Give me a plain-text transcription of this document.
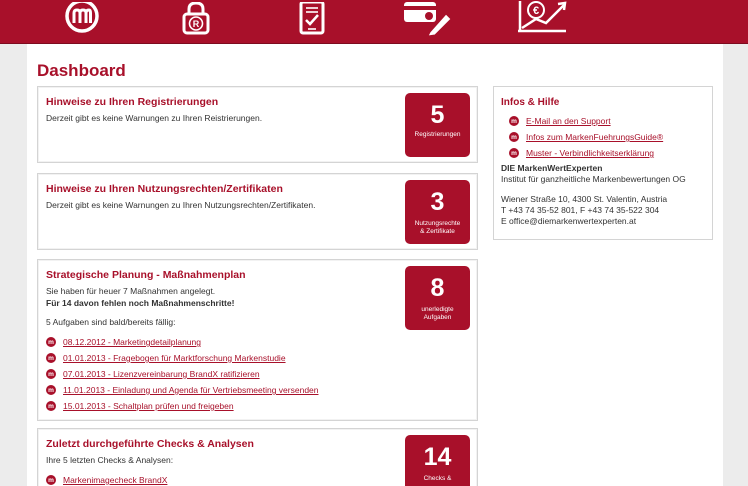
R
€
Dashboard
Hinweise zu Ihren Registrierungen

Derzeit gibt es keine Warnungen zu Ihren Reistrierungen.	5
Registrierungen
Hinweise zu Ihren Nutzungsrechten/Zertifikaten

Derzeit gibt es keine Warnungen zu Ihren Nutzungsrechten/Zertifikaten.	3
Nutzungsrechte
& Zertifikate
Strategische Planung - Maßnahmenplan

Sie haben für heuer 7 Maßnahmen angelegt.

Für 14 davon fehlen noch Maßnahmenschritte!

5 Aufgaben sind bald/bereits fällig:

m 08.12.2012 - Marketingdetailplanung
m 01.01.2013 - Fragebogen für Marktforschung Markenstudie
m 07.01.2013 - Lizenzvereinbarung BrandX ratifizieren
m 11.01.2013 - Einladung und Agenda für Vertriebsmeeting versenden
m 15.01.2013 - Schaltplan prüfen und freigeben
8
unerledigte
Aufgaben
Zuletzt durchgeführte Checks & Analysen

Ihre 5 letzten Checks & Analysen:

m Markenimagecheck BrandX
14
Checks &
Infos & Hilfe
m E-Mail an den Support
m Infos zum MarkenFuehrungsGuide®
m Muster - Verbindlichkeitserklärung
DIE MarkenWertExperten
Institut für ganzheitliche Markenbewertungen OG
Wiener Straße 10, 4300 St. Valentin, Austria
T +43 74 35-52 801, F +43 74 35-522 304
E office@diemarkenwertexperten.at
